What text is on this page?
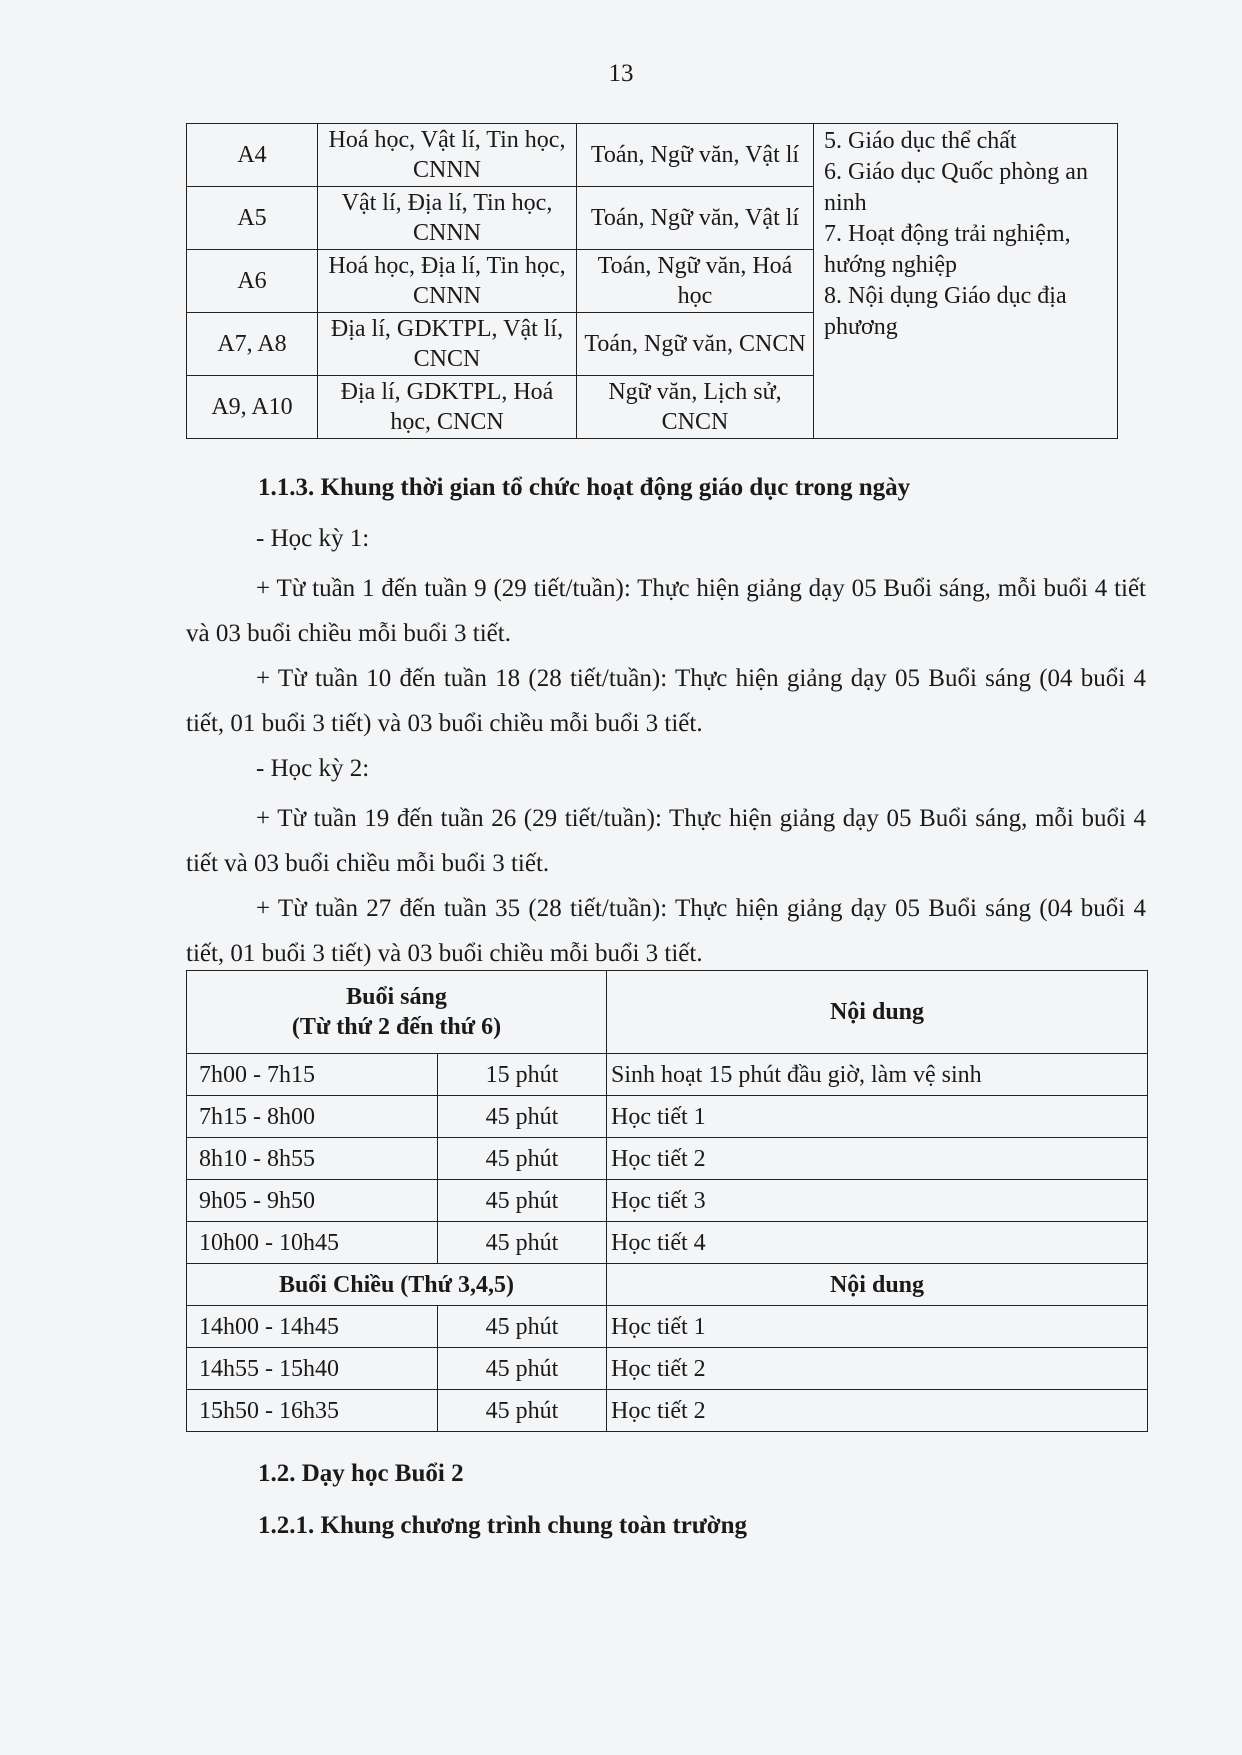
13
A4	Hoá học, Vật lí, Tin học, CNNN	Toán, Ngữ văn, Vật lí	5. Giáo dục thể chất
6. Giáo dục Quốc phòng an ninh
7. Hoạt động trải nghiệm, hướng nghiệp
8. Nội dụng Giáo dục địa phương

A5	Vật lí, Địa lí, Tin học, CNNN	Toán, Ngữ văn, Vật lí	
A6	Hoá học, Địa lí, Tin học, CNNN	Toán, Ngữ văn, Hoá học	
A7, A8	Địa lí, GDKTPL, Vật lí, CNCN	Toán, Ngữ văn, CNCN	
A9, A10	Địa lí, GDKTPL, Hoá học, CNCN	Ngữ văn, Lịch sử, CNCN	
1.1.3. Khung thời gian tổ chức hoạt động giáo dục trong ngày
- Học kỳ 1:
+ Từ tuần 1 đến tuần 9 (29 tiết/tuần): Thực hiện giảng dạy 05 Buổi sáng, mỗi buổi 4 tiết và 03 buổi chiều mỗi buổi 3 tiết.
+ Từ tuần 10 đến tuần 18 (28 tiết/tuần): Thực hiện giảng dạy 05 Buổi sáng (04 buổi 4 tiết, 01 buổi 3 tiết) và 03 buổi chiều mỗi buổi 3 tiết.
- Học kỳ 2:
+ Từ tuần 19 đến tuần 26 (29 tiết/tuần): Thực hiện giảng dạy 05 Buổi sáng, mỗi buổi 4 tiết và 03 buổi chiều mỗi buổi 3 tiết.
+ Từ tuần 27 đến tuần 35 (28 tiết/tuần): Thực hiện giảng dạy 05 Buổi sáng (04 buổi 4 tiết, 01 buổi 3 tiết) và 03 buổi chiều mỗi buổi 3 tiết.
Buổi sáng
(Từ thứ 2 đến thứ 6)		Nội dung
7h00 - 7h15	15 phút	Sinh hoạt 15 phút đầu giờ, làm vệ sinh
7h15 - 8h00	45 phút	Học tiết 1
8h10 - 8h55	45 phút	Học tiết 2
9h05 - 9h50	45 phút	Học tiết 3
10h00 - 10h45	45 phút	Học tiết 4
Buổi Chiều (Thứ 3,4,5)		Nội dung
14h00 - 14h45	45 phút	Học tiết 1
14h55 - 15h40	45 phút	Học tiết 2
15h50 - 16h35	45 phút	Học tiết 2
1.2. Dạy học Buổi 2
1.2.1. Khung chương trình chung toàn trường
